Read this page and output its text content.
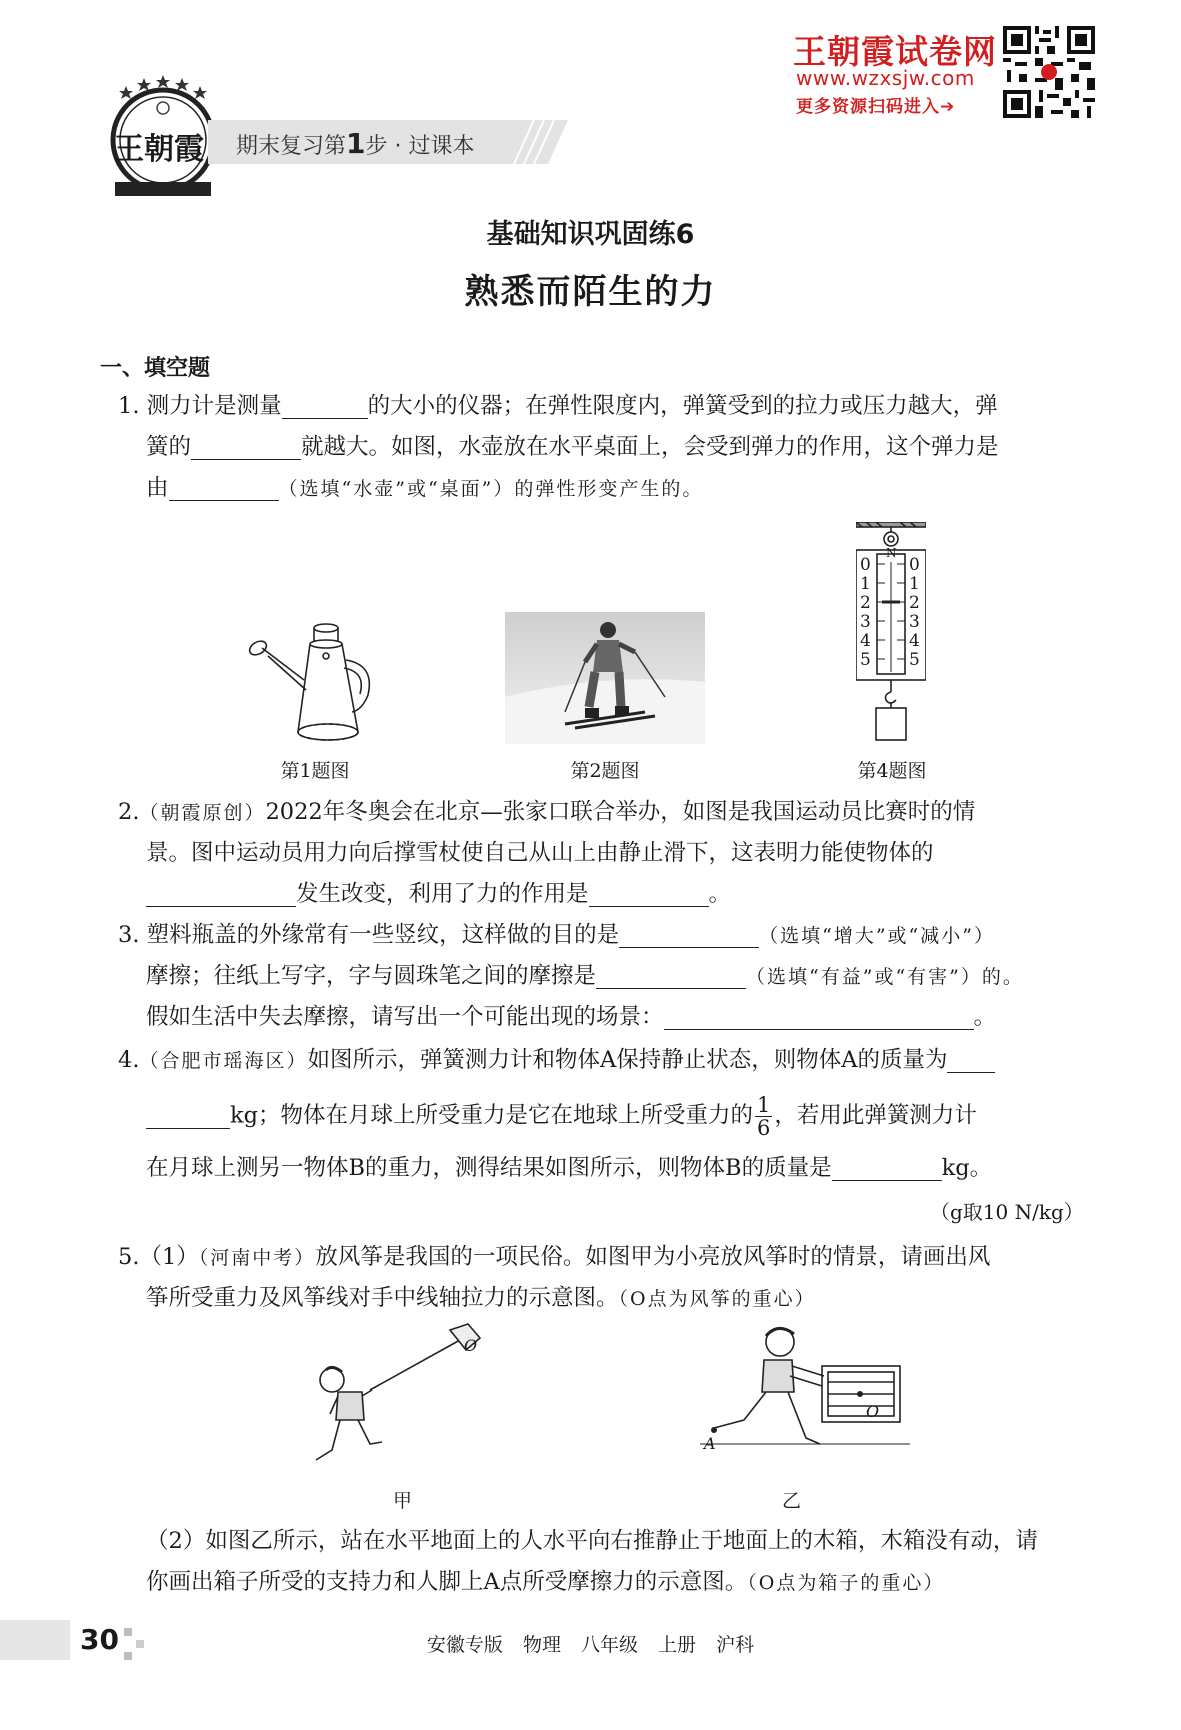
王朝霞试卷网
www.wzxsjw.com
更多资源扫码进入➔
王朝霞 期末复习第1步 · 过课本
基础知识巩固练6
熟悉而陌生的力
一、填空题
1. 测力计是测量	的大小的仪器；在弹性限度内，弹簧受到的拉力或压力越大，弹
簧的	就越大。如图，水壶放在水平桌面上，会受到弹力的作用，这个弹力是
由	（选填“水壶”或“桌面”）的弹性形变产生的。
第1题图	第2题图
N
0
1
2
3
4
5
0
1
2
3
4
5
第4题图
2.（朝霞原创）2022年冬奥会在北京—张家口联合举办，如图是我国运动员比赛时的情
景。图中运动员用力向后撑雪杖使自己从山上由静止滑下，这表明力能使物体的
发生改变，利用了力的作用是	。
3. 塑料瓶盖的外缘常有一些竖纹，这样做的目的是	（选填“增大”或“减小”）
摩擦；往纸上写字，字与圆珠笔之间的摩擦是	（选填“有益”或“有害”）的。
假如生活中失去摩擦，请写出一个可能出现的场景：	。
4.（合肥市瑶海区）如图所示，弹簧测力计和物体A保持静止状态，则物体A的质量为
kg；物体在月球上所受重力是它在地球上所受重力的 $\frac{1}{6}$ ，若用此弹簧测力计
在月球上测另一物体B的重力，测得结果如图所示，则物体B的质量是	kg。
（g取10 N/kg）
5.（1）（河南中考）放风筝是我国的一项民俗。如图甲为小亮放风筝时的情景，请画出风
筝所受重力及风筝线对手中线轴拉力的示意图。（O点为风筝的重心）
O
甲
O
A
乙
（2）如图乙所示，站在水平地面上的人水平向右推静止于地面上的木箱，木箱没有动，请
你画出箱子所受的支持力和人脚上A点所受摩擦力的示意图。（O点为箱子的重心）
30	安徽专版 物理 八年级 上册 沪科
